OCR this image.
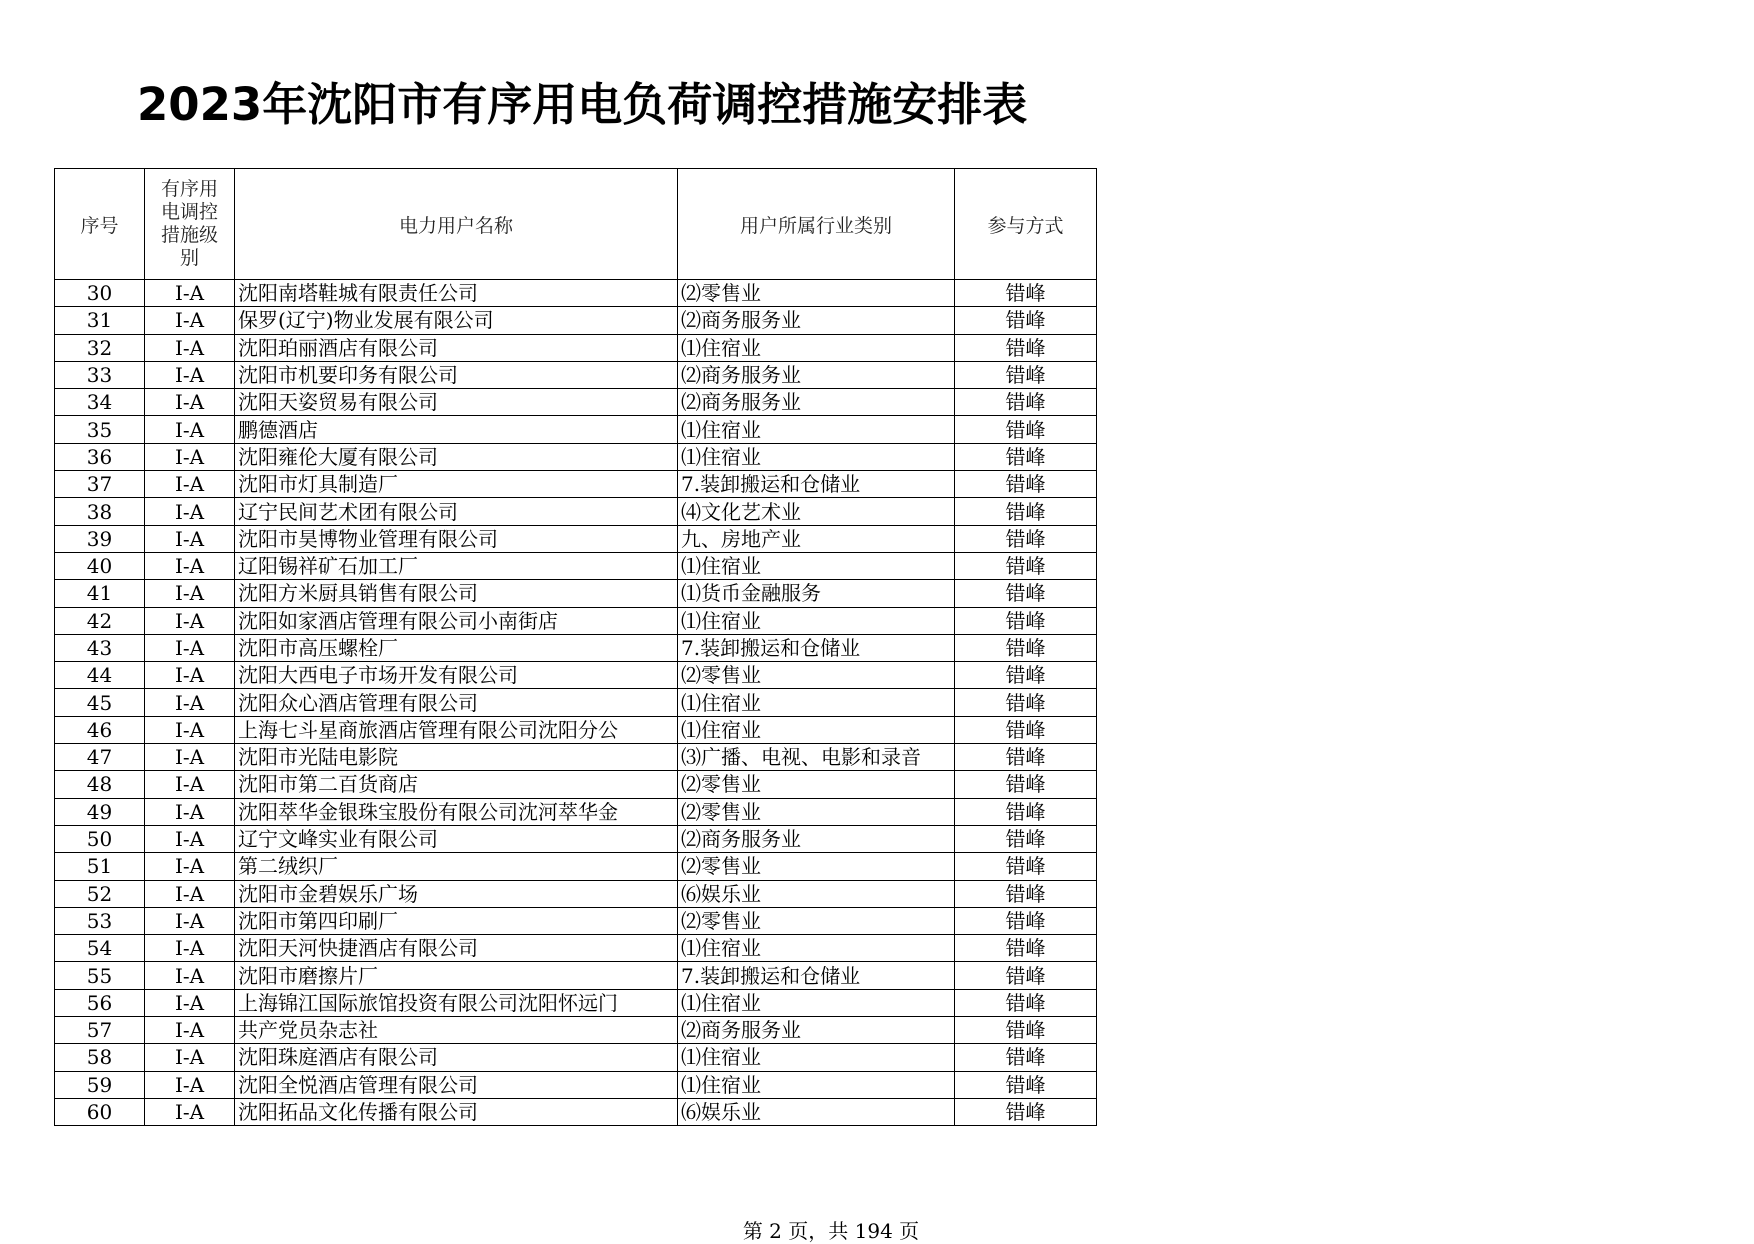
2023年沈阳市有序用电负荷调控措施安排表
序号	有序用电调控措施级别	电力用户名称	用户所属行业类别	参与方式
30	I-A	沈阳南塔鞋城有限责任公司	⑵零售业	错峰
31	I-A	保罗(辽宁)物业发展有限公司	⑵商务服务业	错峰
32	I-A	沈阳珀丽酒店有限公司	⑴住宿业	错峰
33	I-A	沈阳市机要印务有限公司	⑵商务服务业	错峰
34	I-A	沈阳天姿贸易有限公司	⑵商务服务业	错峰
35	I-A	鹏德酒店	⑴住宿业	错峰
36	I-A	沈阳雍伦大厦有限公司	⑴住宿业	错峰
37	I-A	沈阳市灯具制造厂	7.装卸搬运和仓储业	错峰
38	I-A	辽宁民间艺术团有限公司	⑷文化艺术业	错峰
39	I-A	沈阳市昊博物业管理有限公司	九、房地产业	错峰
40	I-A	辽阳锡祥矿石加工厂	⑴住宿业	错峰
41	I-A	沈阳方米厨具销售有限公司	⑴货币金融服务	错峰
42	I-A	沈阳如家酒店管理有限公司小南街店	⑴住宿业	错峰
43	I-A	沈阳市高压螺栓厂	7.装卸搬运和仓储业	错峰
44	I-A	沈阳大西电子市场开发有限公司	⑵零售业	错峰
45	I-A	沈阳众心酒店管理有限公司	⑴住宿业	错峰
46	I-A	上海七斗星商旅酒店管理有限公司沈阳分公	⑴住宿业	错峰
47	I-A	沈阳市光陆电影院	⑶广播、电视、电影和录音	错峰
48	I-A	沈阳市第二百货商店	⑵零售业	错峰
49	I-A	沈阳萃华金银珠宝股份有限公司沈河萃华金	⑵零售业	错峰
50	I-A	辽宁文峰实业有限公司	⑵商务服务业	错峰
51	I-A	第二绒织厂	⑵零售业	错峰
52	I-A	沈阳市金碧娱乐广场	⑹娱乐业	错峰
53	I-A	沈阳市第四印刷厂	⑵零售业	错峰
54	I-A	沈阳天河快捷酒店有限公司	⑴住宿业	错峰
55	I-A	沈阳市磨擦片厂	7.装卸搬运和仓储业	错峰
56	I-A	上海锦江国际旅馆投资有限公司沈阳怀远门	⑴住宿业	错峰
57	I-A	共产党员杂志社	⑵商务服务业	错峰
58	I-A	沈阳珠庭酒店有限公司	⑴住宿业	错峰
59	I-A	沈阳全悦酒店管理有限公司	⑴住宿业	错峰
60	I-A	沈阳拓品文化传播有限公司	⑹娱乐业	错峰

第 2 页，共 194 页
